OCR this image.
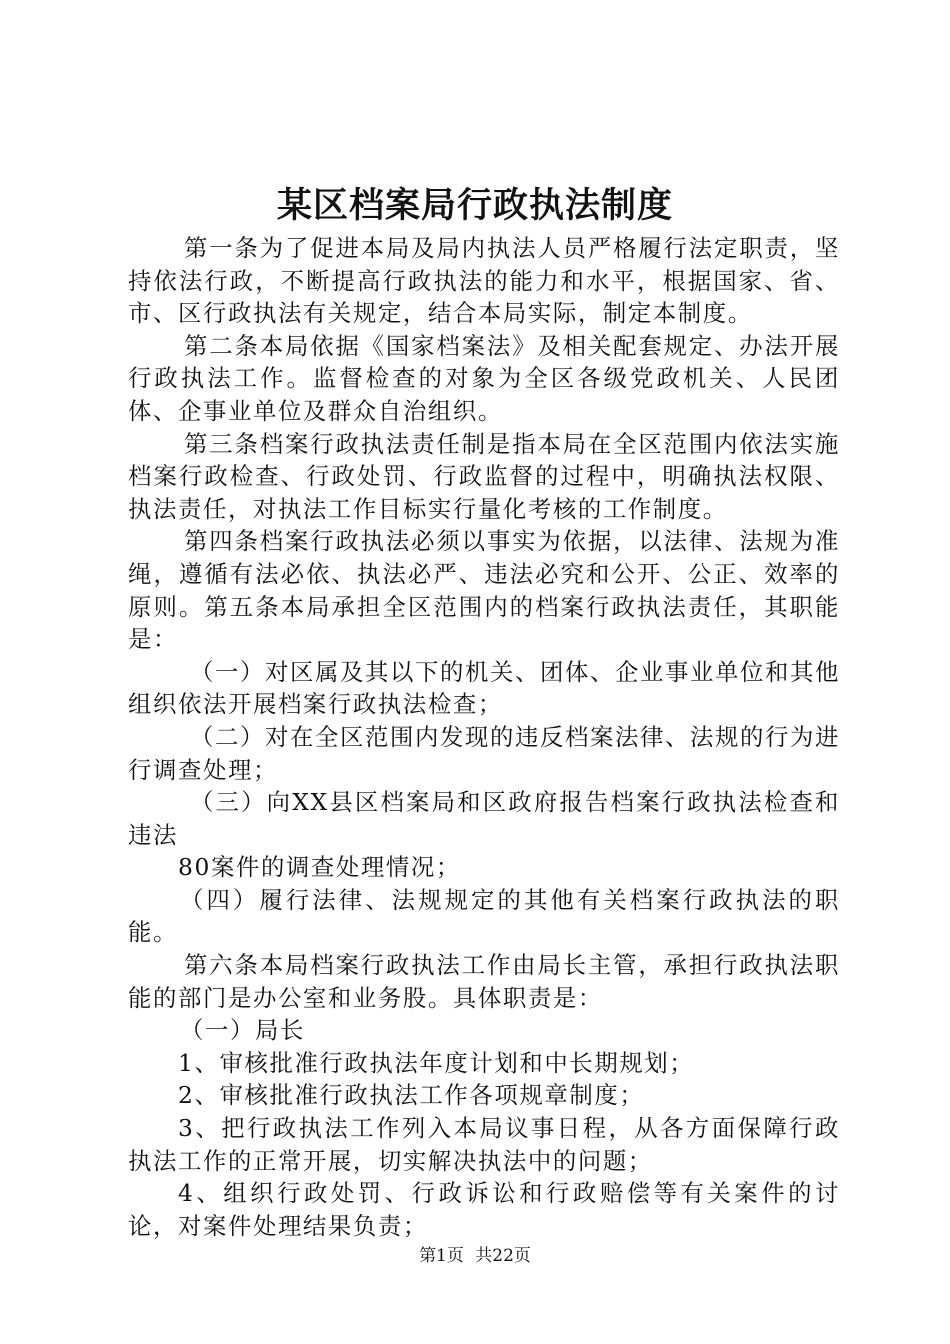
某区档案局行政执法制度

第一条为了促进本局及局内执法人员严格履行法定职责，坚持依法行政，不断提高行政执法的能力和水平，根据国家、省、市、区行政执法有关规定，结合本局实际，制定本制度。

第二条本局依据《国家档案法》及相关配套规定、办法开展行政执法工作。监督检查的对象为全区各级党政机关、人民团体、企事业单位及群众自治组织。

第三条档案行政执法责任制是指本局在全区范围内依法实施档案行政检查、行政处罚、行政监督的过程中，明确执法权限、执法责任，对执法工作目标实行量化考核的工作制度。

第四条档案行政执法必须以事实为依据，以法律、法规为准绳，遵循有法必依、执法必严、违法必究和公开、公正、效率的原则。第五条本局承担全区范围内的档案行政执法责任，其职能是：

（一）对区属及其以下的机关、团体、企业事业单位和其他组织依法开展档案行政执法检查；

（二）对在全区范围内发现的违反档案法律、法规的行为进行调查处理；

（三）向XX县区档案局和区政府报告档案行政执法检查和违法

80案件的调查处理情况；

（四）履行法律、法规规定的其他有关档案行政执法的职能。

第六条本局档案行政执法工作由局长主管，承担行政执法职能的部门是办公室和业务股。具体职责是：

（一）局长

1、审核批准行政执法年度计划和中长期规划；

2、审核批准行政执法工作各项规章制度；

3、把行政执法工作列入本局议事日程，从各方面保障行政执法工作的正常开展，切实解决执法中的问题；

4、组织行政处罚、行政诉讼和行政赔偿等有关案件的讨论，对案件处理结果负责；

第1页 共22页
